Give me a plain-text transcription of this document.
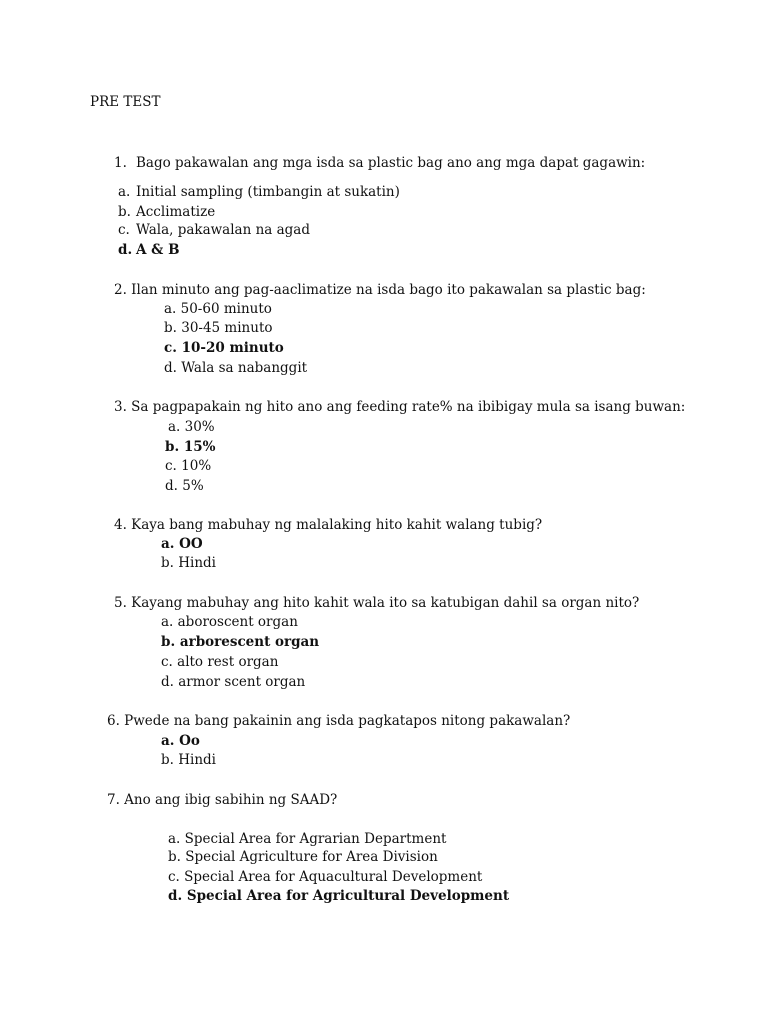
PRE TEST
1. Bago pakawalan ang mga isda sa plastic bag ano ang mga dapat gagawin:
a. Initial sampling (timbangin at sukatin)
b. Acclimatize
c. Wala, pakawalan na agad
d. A & B
2. Ilan minuto ang pag-aaclimatize na isda bago ito pakawalan sa plastic bag:
a. 50-60 minuto
b. 30-45 minuto
c. 10-20 minuto
d. Wala sa nabanggit
3. Sa pagpapakain ng hito ano ang feeding rate% na ibibigay mula sa isang buwan:
a. 30%
b. 15%
c. 10%
d. 5%
4. Kaya bang mabuhay ng malalaking hito kahit walang tubig?
a. OO
b. Hindi
5. Kayang mabuhay ang hito kahit wala ito sa katubigan dahil sa organ nito?
a. aboroscent organ
b. arborescent organ
c. alto rest organ
d. armor scent organ
6. Pwede na bang pakainin ang isda pagkatapos nitong pakawalan?
a. Oo
b. Hindi
7. Ano ang ibig sabihin ng SAAD?
a. Special Area for Agrarian Department
b. Special Agriculture for Area Division
c. Special Area for Aquacultural Development
d. Special Area for Agricultural Development
